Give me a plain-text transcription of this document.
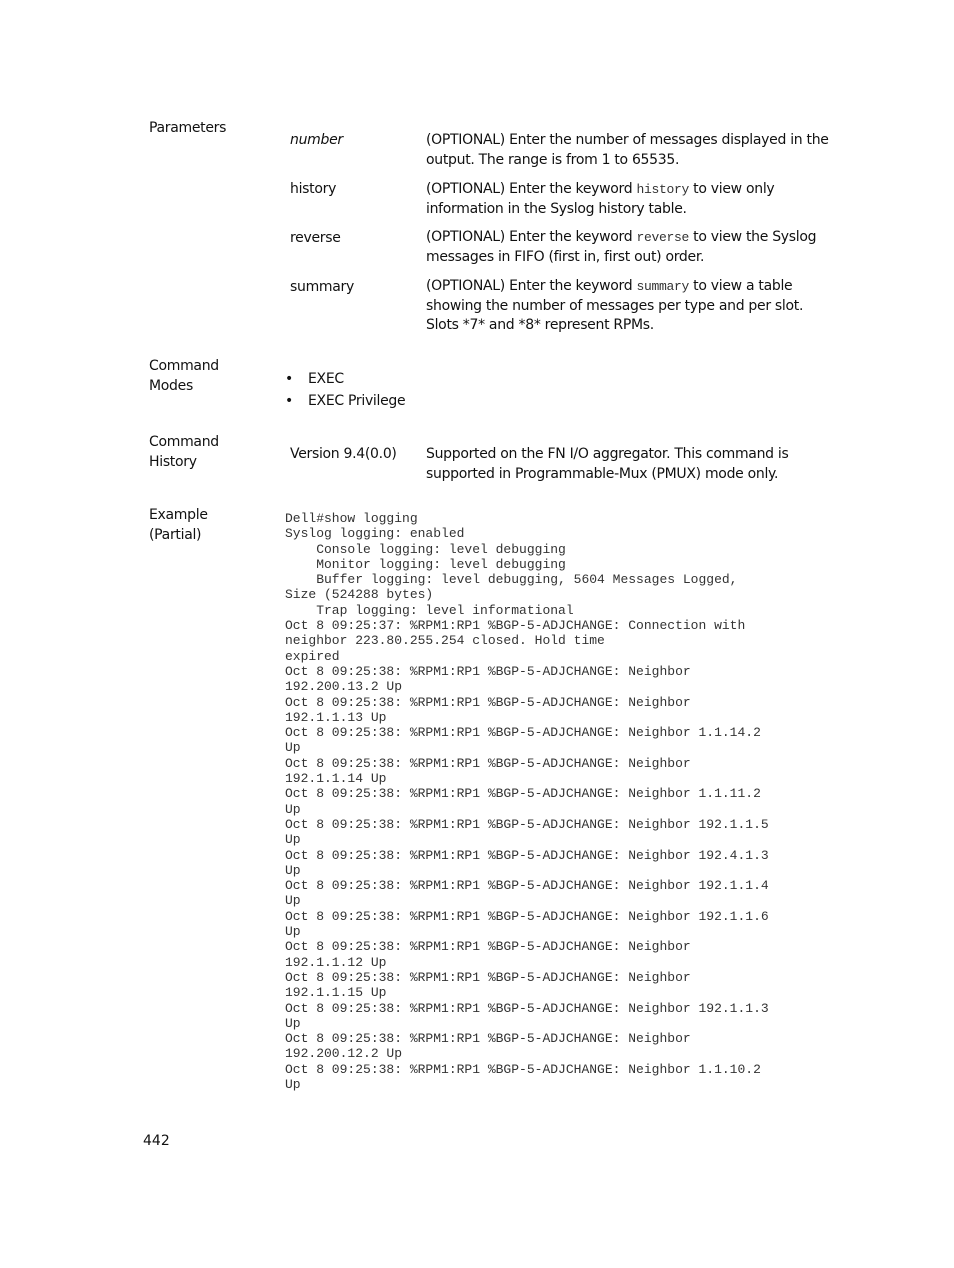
Parameters
number	(OPTIONAL) Enter the number of messages displayed in the output. The range is from 1 to 65535.
history	(OPTIONAL) Enter the keyword history to view only information in the Syslog history table.
reverse	(OPTIONAL) Enter the keyword reverse to view the Syslog messages in FIFO (first in, first out) order.
summary	(OPTIONAL) Enter the keyword summary to view a table showing the number of messages per type and per slot. Slots *7* and *8* represent RPMs.
Command
Modes	• EXEC
• EXEC Privilege
Command
History	Version 9.4(0.0) Supported on the FN I/O aggregator. This command is supported in Programmable-Mux (PMUX) mode only.
Example
(Partial)
Dell#show logging
Syslog logging: enabled
Console logging: level debugging
Monitor logging: level debugging
Buffer logging: level debugging, 5604 Messages Logged,
Size (524288 bytes)
Trap logging: level informational
Oct 8 09:25:37: %RPM1:RP1 %BGP-5-ADJCHANGE: Connection with
neighbor 223.80.255.254 closed. Hold time
expired
Oct 8 09:25:38: %RPM1:RP1 %BGP-5-ADJCHANGE: Neighbor
192.200.13.2 Up
Oct 8 09:25:38: %RPM1:RP1 %BGP-5-ADJCHANGE: Neighbor
192.1.1.13 Up
Oct 8 09:25:38: %RPM1:RP1 %BGP-5-ADJCHANGE: Neighbor 1.1.14.2
Up
Oct 8 09:25:38: %RPM1:RP1 %BGP-5-ADJCHANGE: Neighbor
192.1.1.14 Up
Oct 8 09:25:38: %RPM1:RP1 %BGP-5-ADJCHANGE: Neighbor 1.1.11.2
Up
Oct 8 09:25:38: %RPM1:RP1 %BGP-5-ADJCHANGE: Neighbor 192.1.1.5
Up
Oct 8 09:25:38: %RPM1:RP1 %BGP-5-ADJCHANGE: Neighbor 192.4.1.3
Up
Oct 8 09:25:38: %RPM1:RP1 %BGP-5-ADJCHANGE: Neighbor 192.1.1.4
Up
Oct 8 09:25:38: %RPM1:RP1 %BGP-5-ADJCHANGE: Neighbor 192.1.1.6
Up
Oct 8 09:25:38: %RPM1:RP1 %BGP-5-ADJCHANGE: Neighbor
192.1.1.12 Up
Oct 8 09:25:38: %RPM1:RP1 %BGP-5-ADJCHANGE: Neighbor
192.1.1.15 Up
Oct 8 09:25:38: %RPM1:RP1 %BGP-5-ADJCHANGE: Neighbor 192.1.1.3
Up
Oct 8 09:25:38: %RPM1:RP1 %BGP-5-ADJCHANGE: Neighbor
192.200.12.2 Up
Oct 8 09:25:38: %RPM1:RP1 %BGP-5-ADJCHANGE: Neighbor 1.1.10.2
Up
442
